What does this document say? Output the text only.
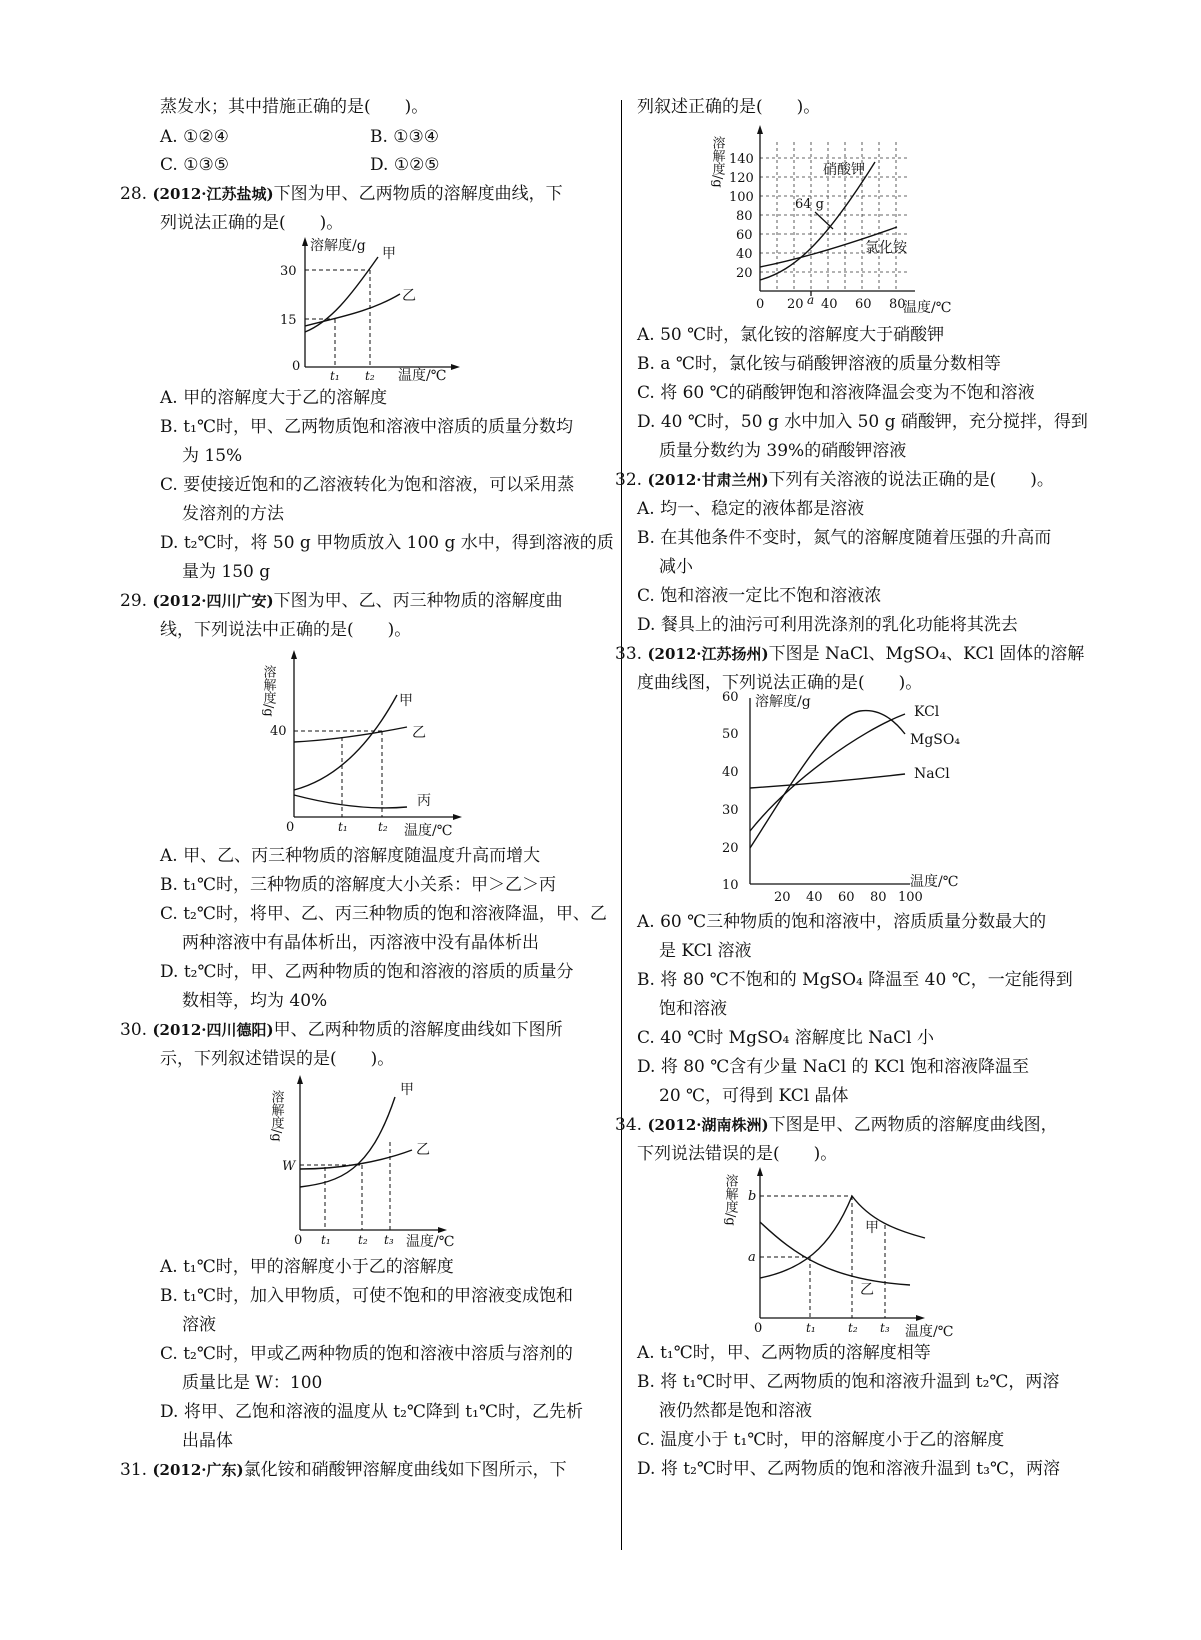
蒸发水；其中措施正确的是(　　)。
A. ①②④	B. ①③④
C. ①③⑤	D. ①②⑤
28. (2012·江苏盐城)下图为甲、乙两物质的溶解度曲线，下
列说法正确的是(　　)。
溶解度/g
30
15
0
甲
乙
t₁ t₂ 温度/℃
A. 甲的溶解度大于乙的溶解度
B. t₁℃时，甲、乙两物质饱和溶液中溶质的质量分数均
为 15%
C. 要使接近饱和的乙溶液转化为饱和溶液，可以采用蒸
发溶剂的方法
D. t₂℃时，将 50 g 甲物质放入 100 g 水中，得到溶液的质
量为 150 g
29. (2012·四川广安)下图为甲、乙、丙三种物质的溶解度曲
线，下列说法中正确的是(　　)。
溶解度/g
40
0
甲
乙
丙
t₁	t₂ 温度/℃
A. 甲、乙、丙三种物质的溶解度随温度升高而增大
B. t₁℃时，三种物质的溶解度大小关系：甲＞乙＞丙
C. t₂℃时，将甲、乙、丙三种物质的饱和溶液降温，甲、乙
两种溶液中有晶体析出，丙溶液中没有晶体析出
D. t₂℃时，甲、乙两种物质的饱和溶液的溶质的质量分
数相等，均为 40%
30. (2012·四川德阳)甲、乙两种物质的溶解度曲线如下图所
示，下列叙述错误的是(　　)。
溶解度/g
W
0
甲
乙
t₁ t₂ t₃ 温度/℃
A. t₁℃时，甲的溶解度小于乙的溶解度
B. t₁℃时，加入甲物质，可使不饱和的甲溶液变成饱和
溶液
C. t₂℃时，甲或乙两种物质的饱和溶液中溶质与溶剂的
质量比是 W：100
D. 将甲、乙饱和溶液的温度从 t₂℃降到 t₁℃时，乙先析
出晶体
31. (2012·广东)氯化铵和硝酸钾溶解度曲线如下图所示，下
列叙述正确的是(　　)。
溶解度/g
20
40
60
80
100
120
140
0 20 40 60 80
a	温度/℃
硝酸钾
氯化铵
64 g
A. 50 ℃时，氯化铵的溶解度大于硝酸钾
B. a ℃时，氯化铵与硝酸钾溶液的质量分数相等
C. 将 60 ℃的硝酸钾饱和溶液降温会变为不饱和溶液
D. 40 ℃时，50 g 水中加入 50 g 硝酸钾，充分搅拌，得到
质量分数约为 39%的硝酸钾溶液
32. (2012·甘肃兰州)下列有关溶液的说法正确的是(　　)。
A. 均一、稳定的液体都是溶液
B. 在其他条件不变时，氮气的溶解度随着压强的升高而
减小
C. 饱和溶液一定比不饱和溶液浓
D. 餐具上的油污可利用洗涤剂的乳化功能将其洗去
33. (2012·江苏扬州)下图是 NaCl、MgSO₄、KCl 固体的溶解
度曲线图，下列说法正确的是(　　)。
溶解度/g
10
20
30
40
50
60
20 40 60 80 100
温度/℃
KCl
MgSO₄
NaCl
A. 60 ℃三种物质的饱和溶液中，溶质质量分数最大的
是 KCl 溶液
B. 将 80 ℃不饱和的 MgSO₄ 降温至 40 ℃，一定能得到
饱和溶液
C. 40 ℃时 MgSO₄ 溶解度比 NaCl 小
D. 将 80 ℃含有少量 NaCl 的 KCl 饱和溶液降温至
20 ℃，可得到 KCl 晶体
34. (2012·湖南株洲)下图是甲、乙两物质的溶解度曲线图，
下列说法错误的是(　　)。
溶解度/g b
a
0
甲
乙
t₁	t₂ t₃ 温度/℃
A. t₁℃时，甲、乙两物质的溶解度相等
B. 将 t₁℃时甲、乙两物质的饱和溶液升温到 t₂℃，两溶
液仍然都是饱和溶液
C. 温度小于 t₁℃时，甲的溶解度小于乙的溶解度
D. 将 t₂℃时甲、乙两物质的饱和溶液升温到 t₃℃，两溶
